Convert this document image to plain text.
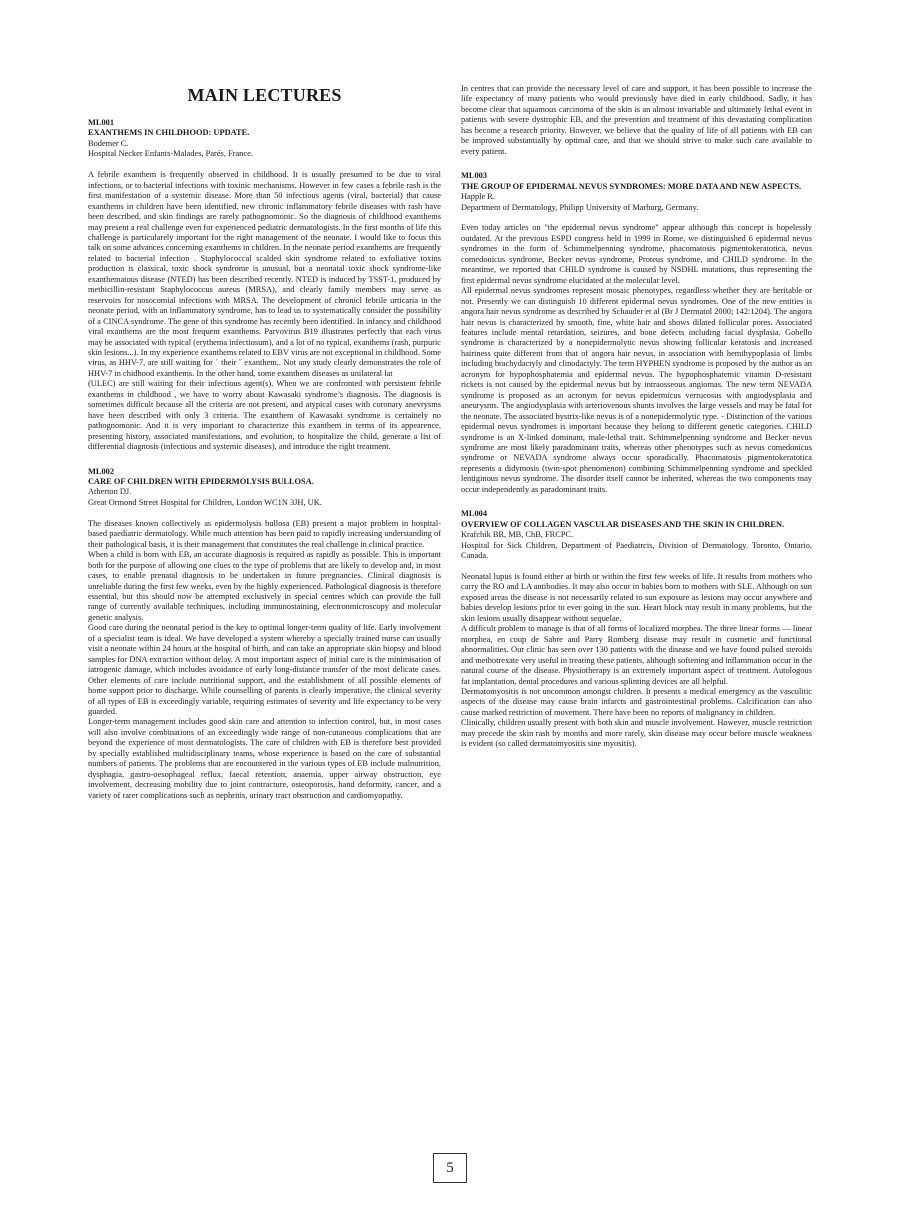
MAIN LECTURES
ML001
EXANTHEMS IN CHILDHOOD: UPDATE.
Bodemer C.
Hospital Necker Enfants-Malades, Parés, France.

A febrile exanthem is frequently observed in childhood. It is usually presumed to be due to viral infections, or to bacterial infections with toxinic mechanisms. However in few cases a febrile rash is the first manifestation of a systemic disease. More than 50 infectious agents (viral, bacterial) that cause exanthems in children have been identified, new chronic inflammatory febrile diseases with rash have been described, and skin findings are rarely pathognomonic. So the diagnosis of childhood exanthems may present a real challenge even for experienced pediatric dermatologists. In the first months of life this challenge is particularely important for the right management of the neonate. I would like to focus this talk on some advances concerning exanthems in children. In the neonate period exanthems are frequently related to bacterial infection . Staphylococcal scalded skin syndrome related to exfoliative toxins production is classical, toxic shock syndrome is unusual, but a neonatal toxic shock syndrome-like exanthematous disease (NTED) has been described recently. NTED is induced by TSST-1, produced by methicillin-resistant Staphylococcus aureus (MRSA), and clearly family members may serve as reservoirs for nosocomial infections with MRSA. The development of chronicl febrile urticaria in the neonate period, with an inflammatory syndrome, has to lead us to systematically consider the possibility of a CINCA syndrome. The gene of this syndrome has recently been identified. In infancy and childhood viral exanthems are the most frequent exanthems. Parvovirus B19 illustrates perfectly that each virus may be associated with typical (erythema infectiosum), and a lot of no typical, exanthems (rash, purpuric skin lesions...). In my experience exanthems related to EBV virus are not exceptional in childhood. Some virus, as HHV-7, are still waiting for ˊ their ˝ exanthem,. Not any study clearly demonstrates the role of HHV-7 in chidhood exanthems. In the other hand, some exanthem diseases as unilateral lat

(ULEC) are still waiting for their infectious agent(s). When we are confronted with persistent febrile exanthems in childhood , we have to worry about Kawasaki syndrome’s diagnosis. The diagnosis is sometimes difficult because all the criteria are not present, and atypical cases with coronary anevrysms have been described with only 3 criteria. The exanthem of Kawasaki syndrome is certainely no pathognomonic. And it is very important to characterize this exanthem in terms of its appearence, presenting history, associated manifestations, and evolution, to hospitalize the child, generate a list of differential diagnosis (infectious and systemic diseases), and introduce the right treatment.

ML002
CARE OF CHILDREN WITH EPIDERMOLYSIS BULLOSA.
Atherton DJ.
Great Ormond Street Hospital for Children, London WC1N 3JH, UK.

The diseases known collectively as epidermolysis bullosa (EB) present a major problem in hospital-based paediatric dermatology. While much attention has been paid to rapidly increasing understanding of their pathological basis, it is their management that constitutes the real challenge in clinical practice.

When a child is born with EB, an accurate diagnosis is required as rapidly as possible. This is important both for the purpose of allowing one clues to the type of problems that are likely to develop and, in most cases, to enable prenatal diagnosis to be undertaken in future pregnancies. Clinical diagnosis is unreliable during the first few weeks, even by the highly experienced. Pathological diagnosis is therefore essential, but this should now be attempted exclusively in special centres which can provide the full range of currently available techniques, including immunostaining, electronmicroscopy and molecular genetic analysis.

Good care during the neonatal period is the key to optimal longer-term quality of life. Early involvement of a specialist team is ideal. We have developed a system whereby a specially trained nurse can usually visit a neonate within 24 hours at the hospital of birth, and can take an appropriate skin biopsy and blood samples for DNA extraction without delay. A most important aspect of initial care is the minimisation of iatrogenic damage, which includes avoidance of early long-distance transfer of the most delicate cases. Other elements of care include nutritional support, and the establishment of all possible elements of home support prior to discharge. While counselling of parents is clearly imperative, the clinical severity of all types of EB is exceedingly variable, requiring estimates of severity and life expectancy to be very guarded.

Longer-term management includes good skin care and attention to infection control, but, in most cases will also involve combinations of an exceedingly wide range of non-cutaneous complications that are beyond the experience of most dermatologists. The care of children with EB is therefore best provided by specially established multidisciplinary teams, whose experience is based on the care of substantial numbers of patients. The problems that are encountered in the various types of EB include malnutrition, dysphagia, gastro-oesophageal reflux, faecal retention, anaemia, upper airway obstruction, eye involvement, decreasing mobility due to joint contracture, osteoporosis, hand deformity, cancer, and a variety of rarer complications such as nephritis, urinary tract obstruction and cardiomyopathy.

In centres that can provide the necessary level of care and support, it has been possible to increase the life expectancy of many patients who would previously have died in early childhood. Sadly, it has become clear that squamous carcinoma of the skin is an almost invariable and ultimately lethal event in patients with severe dystrophic EB, and the prevention and treatment of this devastating complication has become a research priority. However, we believe that the quality of life of all patients with EB can be improved substantially by optimal care, and that we should strive to make such care available to every patient.

ML003
THE GROUP OF EPIDERMAL NEVUS SYNDROMES: MORE DATA AND NEW ASPECTS.
Happle R.
Department of Dermatology, Philipp University of Marburg, Germany.

Even today articles on "the epidermal nevus syndrome" appear although this concept is hopelessly outdated. At the previous ESPD congress held in 1999 in Rome, we distinguished 6 epidermal nevus syndromes in the form of Schimmelpenning syndrome, phacomatosis pigmentokeratotica, nevus comedonicus syndrome, Becker nevus syndrome, Proteus syndrome, and CHILD syndrome. In the meantime, we reported that CHILD syndrome is caused by NSDHL mutations, thus representing the first epidermal nevus syndrome elucidated at the molecular level.

All epidermal nevus syndromes represent mosaic phenotypes, regardless whether they are heritable or not. Presently we can distinguish 10 different epidermal nevus syndromes. One of the new entities is angora hair nevus syndrome as described by Schauder et al (Br J Dermatol 2000; 142:1204). The angora hair nevus is characterized by smooth, fine, white hair and shows dilated follicular pores. Associated features include mental retardation, seizures, and bone defects including facial dysplasia. Gobello syndrome is characterized by a nonepidermolytic nevus showing follicular keratosis and increased hairiness quite different from that of angora hair nevus, in association with hemihypoplasia of limbs including brachydactyly and clinodactyly. The term HYPHEN syndrome is proposed by the author as an acronym for hypophosphatemia and epidermal nevus. The hypophosphatemic vitamin D-resistant rickets is not caused by the epidermal nevus but by intraosseous angiomas. The new term NEVADA syndrome is proposed as an acronym for nevus epidermicus verrucosus with angiodysplasia and aneurysms. The angiodysplasia with arteriovenous shunts involves the large vessels and may be fatal for the neonate. The associated hystrix-like nevus is of a nonepidermolytic type. - Distinction of the various epidermal nevus syndromes is important because they belong to different genetic categories. CHILD syndrome is an X-linked dominant, male-lethal trait. Schimmelpenning syndrome and Becker nevus syndrome are most likely paradominant traits, whereas other phenotypes such as nevus comedonicus syndrome or NEVADA syndrome always occur sporadically. Phacomatosis pigmentokeratotica represents a didymosis (twin-spot phenomenon) combining Schimmelpenning syndrome and speckled lentiginous nevus syndrome. The disorder itself cannot be inherited, whereas the two components may occur independently as paradominant traits.

ML004
OVERVIEW OF COLLAGEN VASCULAR DISEASES AND THE SKIN IN CHILDREN.
Krafchik BR, MB, ChB, FRCPC.
Hospital for Sick Children, Department of Paediatrcis, Division of Dermatology. Toronto, Ontario, Canada.

Neonatal lupus is found either at birth or within the first few weeks of life. It results from mothers who carry the RO and LA antibodies. It may also occur in babies born to mothers with SLE. Although on sun exposed areas the disease is not necessarily related to sun exposure as lesions may occur anywhere and babies develop lesions prior to ever going in the sun. Heart block may result in many problems, but the skin lesions usually disappear without sequelae.

A difficult problem to manage is that of all forms of localized morphea. The three linear forms — linear morphea, en coup de Sabre and Parry Romberg disease may result in cosmetic and functional abnormalities. Our clinic has seen over 130 patients with the disease and we have found pulsed steroids and methotrexate very useful in treating these patients, although softening and inflammation occur in the natural course of the disease. Physiotherapy is an extremely important aspect of treatment. Autologous fat implantation, dental procedures and various splinting devices are all helpful.

Dermatomyositis is not uncommon amongst children. It presents a medical emergency as the vasculitic aspects of the disease may cause brain infarcts and gastrointestinal problems. Calcification can also cause marked restriction of movement. There have been no reports of malignancy in children.

Clinically, children usually present with both skin and muscle involvement. However, muscle restriction may precede the skin rash by months and more rarely, skin disease may occur before muscle weakness is evident (so called dermatomyositis sine myositis).

5
